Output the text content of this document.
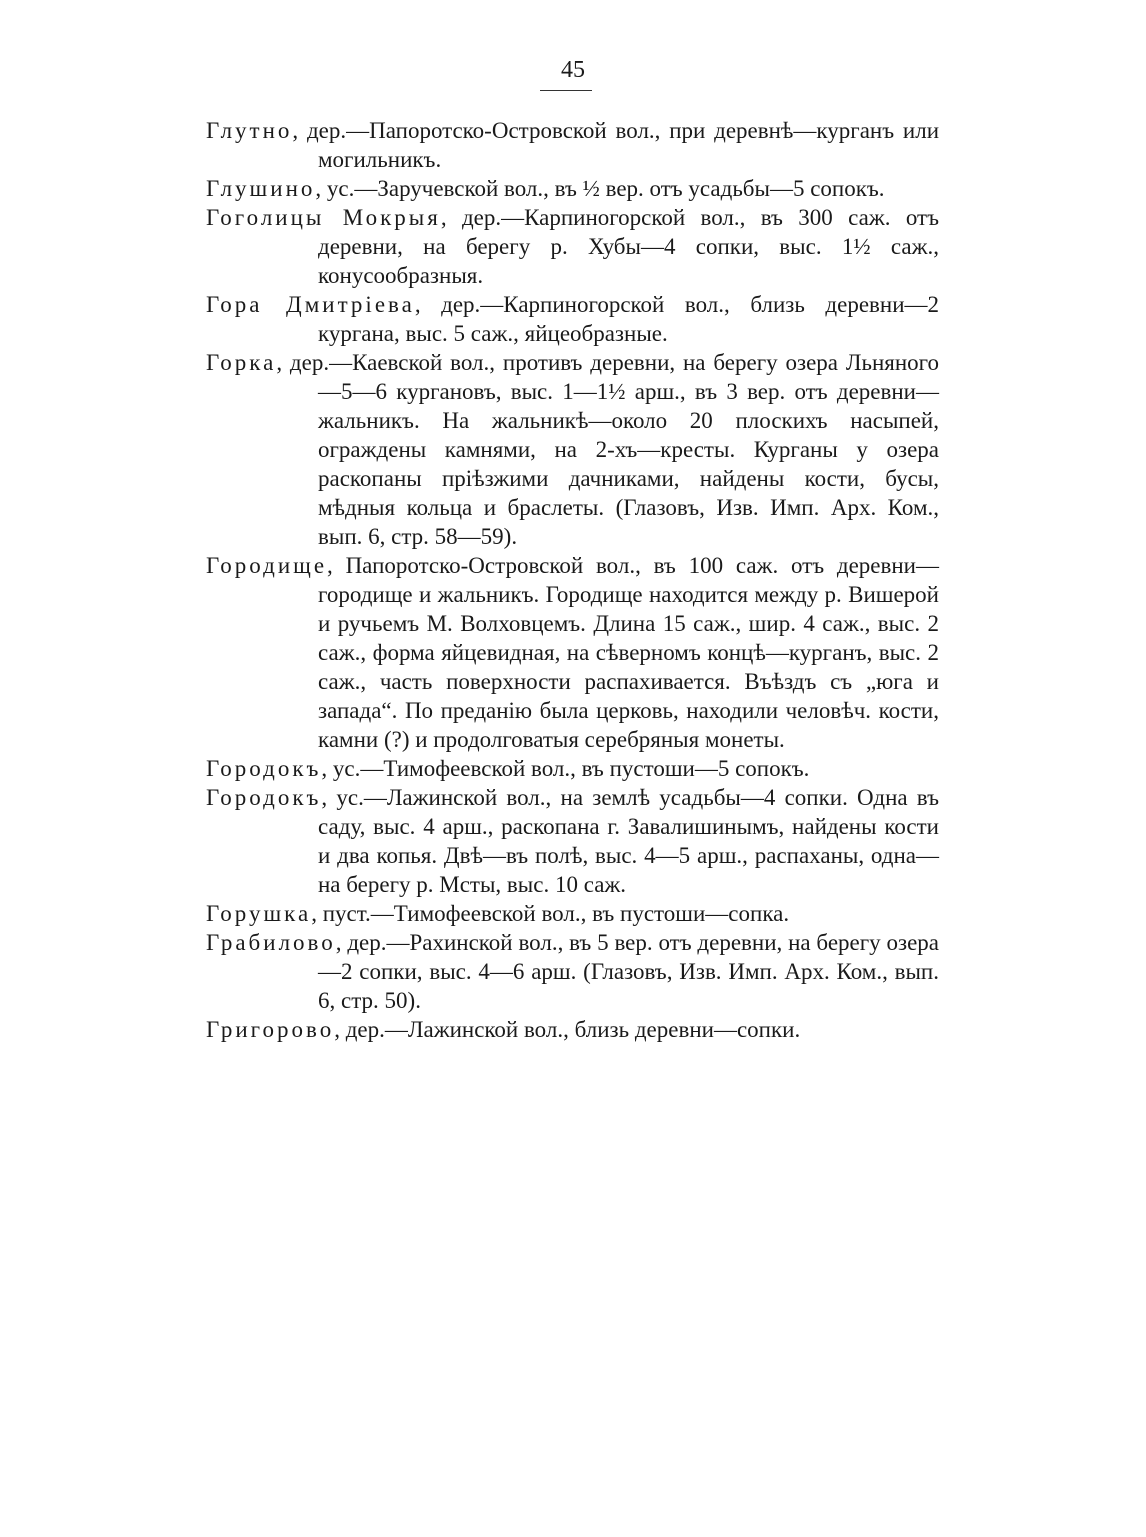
45

Глутно, дер.—Папоротско-Островской вол., при деревнѣ—курганъ или могильникъ.

Глушино, ус.—Заручевской вол., въ ½ вер. отъ усадьбы—5 сопокъ.

Гоголицы Мокрыя, дер.—Карпиногорской вол., въ 300 саж. отъ деревни, на берегу р. Хубы—4 сопки, выс. 1½ саж., конусообразныя.

Гора Дмитріева, дер.—Карпиногорской вол., близь деревни—2 кургана, выс. 5 саж., яйцеобразные.

Горка, дер.—Каевской вол., противъ деревни, на берегу озера Льняного—5—6 кургановъ, выс. 1—1½ арш., въ 3 вер. отъ деревни—жальникъ. На жальникѣ—около 20 плоскихъ насыпей, ограждены камнями, на 2-хъ—кресты. Курганы у озера раскопаны пріѣзжими дачниками, найдены кости, бусы, мѣдныя кольца и браслеты. (Глазовъ, Изв. Имп. Арх. Ком., вып. 6, стр. 58—59).

Городище, Папоротско-Островской вол., въ 100 саж. отъ деревни—городище и жальникъ. Городище находится между р. Вишерой и ручьемъ М. Волховцемъ. Длина 15 саж., шир. 4 саж., выс. 2 саж., форма яйцевидная, на сѣверномъ концѣ—курганъ, выс. 2 саж., часть поверхности распахивается. Въѣздъ съ „юга и запада“. По преданію была церковь, находили человѣч. кости, камни (?) и продолговатыя серебряныя монеты.

Городокъ, ус.—Тимофеевской вол., въ пустоши—5 сопокъ.

Городокъ, ус.—Лажинской вол., на землѣ усадьбы—4 сопки. Одна въ саду, выс. 4 арш., раскопана г. Завалишинымъ, найдены кости и два копья. Двѣ—въ полѣ, выс. 4—5 арш., распаханы, одна—на берегу р. Мсты, выс. 10 саж.

Горушка, пуст.—Тимофеевской вол., въ пустоши—сопка.

Грабилово, дер.—Рахинской вол., въ 5 вер. отъ деревни, на берегу озера—2 сопки, выс. 4—6 арш. (Глазовъ, Изв. Имп. Арх. Ком., вып. 6, стр. 50).

Григорово, дер.—Лажинской вол., близь деревни—сопки.
